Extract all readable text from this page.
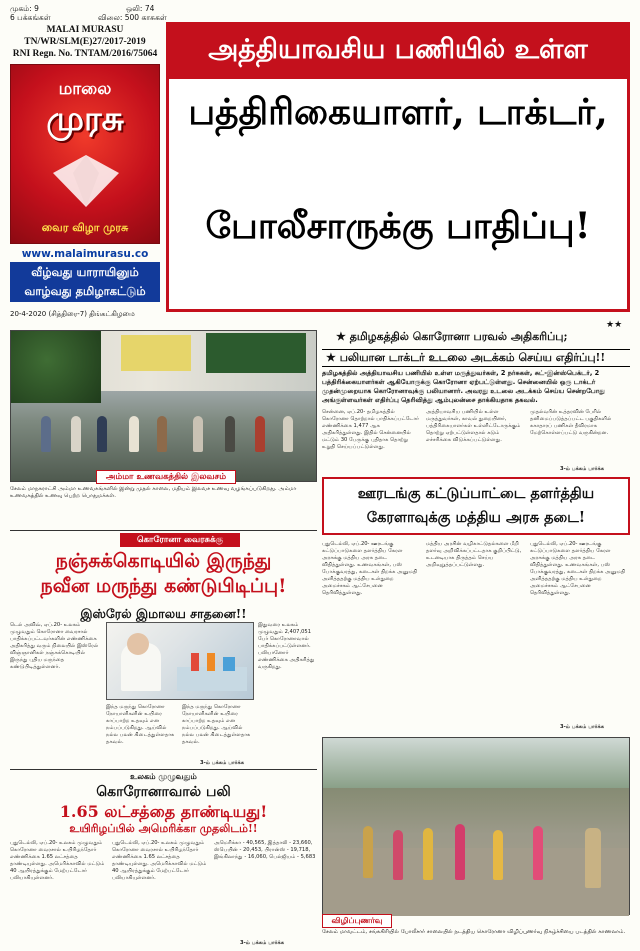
முகம்: 9	ஒலி: 74
6 பக்கங்கள்	விலை: 500 காசுகள்
MALAI MURASU
TN/WR/SLM(E)27/2017-2019
RNI Regn. No. TNTAM/2016/75064
மாலை
முரசு
வைர விழா முரசு
www.malaimurasu.co
வீழ்வது யாராயினும்
வாழ்வது தமிழாகட்டும்
20-4-2020 (சித்திரை-7) திங்கட்கிழமை
அத்தியாவசிய பணியில் உள்ள
பத்திரிகையாளர், டாக்டர்,
போலீசாருக்கு பாதிப்பு!
★★
அம்மா உணவகத்தில் இலவசம்
சேலம் மாநகராட்சி அம்மா உணவகங்களில் இன்று முதல் காலை, மதியம் இலவச உணவு வழங்கப்படுகிறது. அம்மா உணவகத்தில் உணவு பெற்ற பொதுமக்கள்.
★ தமிழகத்தில் கொரோனா பரவல் அதிகரிப்பு;
★ பலியான டாக்டர் உடலை அடக்கம் செய்ய எதிர்ப்பு!!
தமிழகத்தில் அத்தியாவசிய பணியில் உள்ள மருத்துவர்கள், 2 நர்சுகள், சுட்-இன்ஸ்பெக்டர், 2 பத்திரிக்கையாளர்கள் ஆகியோருக்கு கொரோனா ஏற்பட்டுள்ளது. சென்னையில் ஒரு டாக்டர் முதன்முறையாக கொரோனாவுக்கு பலியானார். அவரது உடலை அடக்கம் செய்ய சென்றபோது அங்குள்ளவர்கள் எதிர்ப்பு தெரிவித்து ஆம்புலன்சை தாக்கியதாக தகவல்.
சென்னை, ஏப்.20- தமிழகத்தில் கொரோனா தொற்றால் பாதிக்கப்பட்டோர் எண்ணிக்கை 1,477 ஆக அதிகரித்துள்ளது. இதில் சென்னையில் மட்டும் 30 பேருக்கு புதிதாக தொற்று உறுதி செய்யப்பட்டுள்ளது.
அத்தியாவசிய பணியில் உள்ள மருத்துவர்கள், காவல் துறையினர், பத்திரிகையாளர்கள் உள்ளிட்டோருக்கும் தொற்று ஏற்பட்டுள்ளதால் கடும் எச்சரிக்கை விடுக்கப்பட்டுள்ளது.
முதல்வரின் உத்தரவின் பேரில் தனிமைப்படுத்தப்பட்ட பகுதிகளில் சுகாதாரப் பணிகள் தீவிரமாக மேற்கொள்ளப்பட்டு வருகின்றன.
3-ம் பக்கம் பார்க்க
ஊரடங்கு கட்டுப்பாட்டை தளர்த்திய
கேரளாவுக்கு மத்திய அரசு தடை!
புதுடெல்லி, ஏப்.20- ஊரடங்கு கட்டுப்பாடுகளை தளர்த்திய கேரள அரசுக்கு மத்திய அரசு தடை விதித்துள்ளது. உணவகங்கள், பஸ் போக்குவரத்து, கடைகள் திறக்க அனுமதி அளித்ததற்கு மத்திய உள்துறை அமைச்சகம் ஆட்சேபனை தெரிவித்துள்ளது.
மத்திய அரசின் வழிகாட்டுதல்களை மீறி தளர்வு அறிவிக்கப்பட்டதாக குறிப்பிட்டு, உடனடியாக திருத்தம் செய்ய அறிவுறுத்தப்பட்டுள்ளது.
புதுடெல்லி, ஏப்.20- ஊரடங்கு கட்டுப்பாடுகளை தளர்த்திய கேரள அரசுக்கு மத்திய அரசு தடை விதித்துள்ளது. உணவகங்கள், பஸ் போக்குவரத்து, கடைகள் திறக்க அனுமதி அளித்ததற்கு மத்திய உள்துறை அமைச்சகம் ஆட்சேபனை தெரிவித்துள்ளது.
3-ம் பக்கம் பார்க்க
கொரோனா வைரசுக்கு
நஞ்சுக்கொடியில் இருந்து
நவீன மருந்து கண்டுபிடிப்பு!
இஸ்ரேல் இமாலய சாதனை!!
டெல் அவிவ், ஏப்.20- உலகம் முழுவதும் கொரோனா வைரசால் பாதிக்கப்பட்டவர்களின் எண்ணிக்கை அதிகரித்து வரும் நிலையில் இஸ்ரேல் விஞ்ஞானிகள் நஞ்சுக்கொடியில் இருந்து புதிய மருந்தை கண்டுபிடித்துள்ளனர்.
இந்த மருந்து கொரோனா நோயாளிகளின் உயிரை காப்பாற்ற உதவும் என நம்பப்படுகிறது. ஆய்வில் நல்ல பலன் கிடைத்துள்ளதாக தகவல்.
இந்த மருந்து கொரோனா நோயாளிகளின் உயிரை காப்பாற்ற உதவும் என நம்பப்படுகிறது. ஆய்வில் நல்ல பலன் கிடைத்துள்ளதாக தகவல்.
இதுவரை உலகம் முழுவதும் 2,407,051 பேர் கொரோனாவால் பாதிக்கப்பட்டுள்ளனர். பலியானோர் எண்ணிக்கை அதிகரித்து வருகிறது.
3-ம் பக்கம் பார்க்க
உலகம் முழுவதும்
கொரோனாவால் பலி
1.65 லட்சத்தை தாண்டியது!
உயிரிழப்பில் அமெரிக்கா முதலிடம்!!
புதுடெல்லி, ஏப்.20- உலகம் முழுவதும் கொரோனா வைரசால் உயிரிழந்தோர் எண்ணிக்கை 1.65 லட்சத்தை தாண்டியுள்ளது. அமெரிக்காவில் மட்டும் 40 ஆயிரத்துக்கும் மேற்பட்டோர் பலியாகியுள்ளனர்.
புதுடெல்லி, ஏப்.20- உலகம் முழுவதும் கொரோனா வைரசால் உயிரிழந்தோர் எண்ணிக்கை 1.65 லட்சத்தை தாண்டியுள்ளது. அமெரிக்காவில் மட்டும் 40 ஆயிரத்துக்கும் மேற்பட்டோர் பலியாகியுள்ளனர்.
அமெரிக்கா - 40,565, இத்தாலி - 23,660, ஸ்பெயின் - 20,453, பிரான்ஸ் - 19,718, இங்கிலாந்து - 16,060, பெல்ஜியம் - 5,683
3-ம் பக்கம் பார்க்க
விழிப்புணர்வு
சேலம் மாவட்டம், சங்ககிரியில் போலீசார் சாலையில் நடத்திய கொரோனா விழிப்புணர்வு நிகழ்ச்சியை படத்தில் காணலாம்.
